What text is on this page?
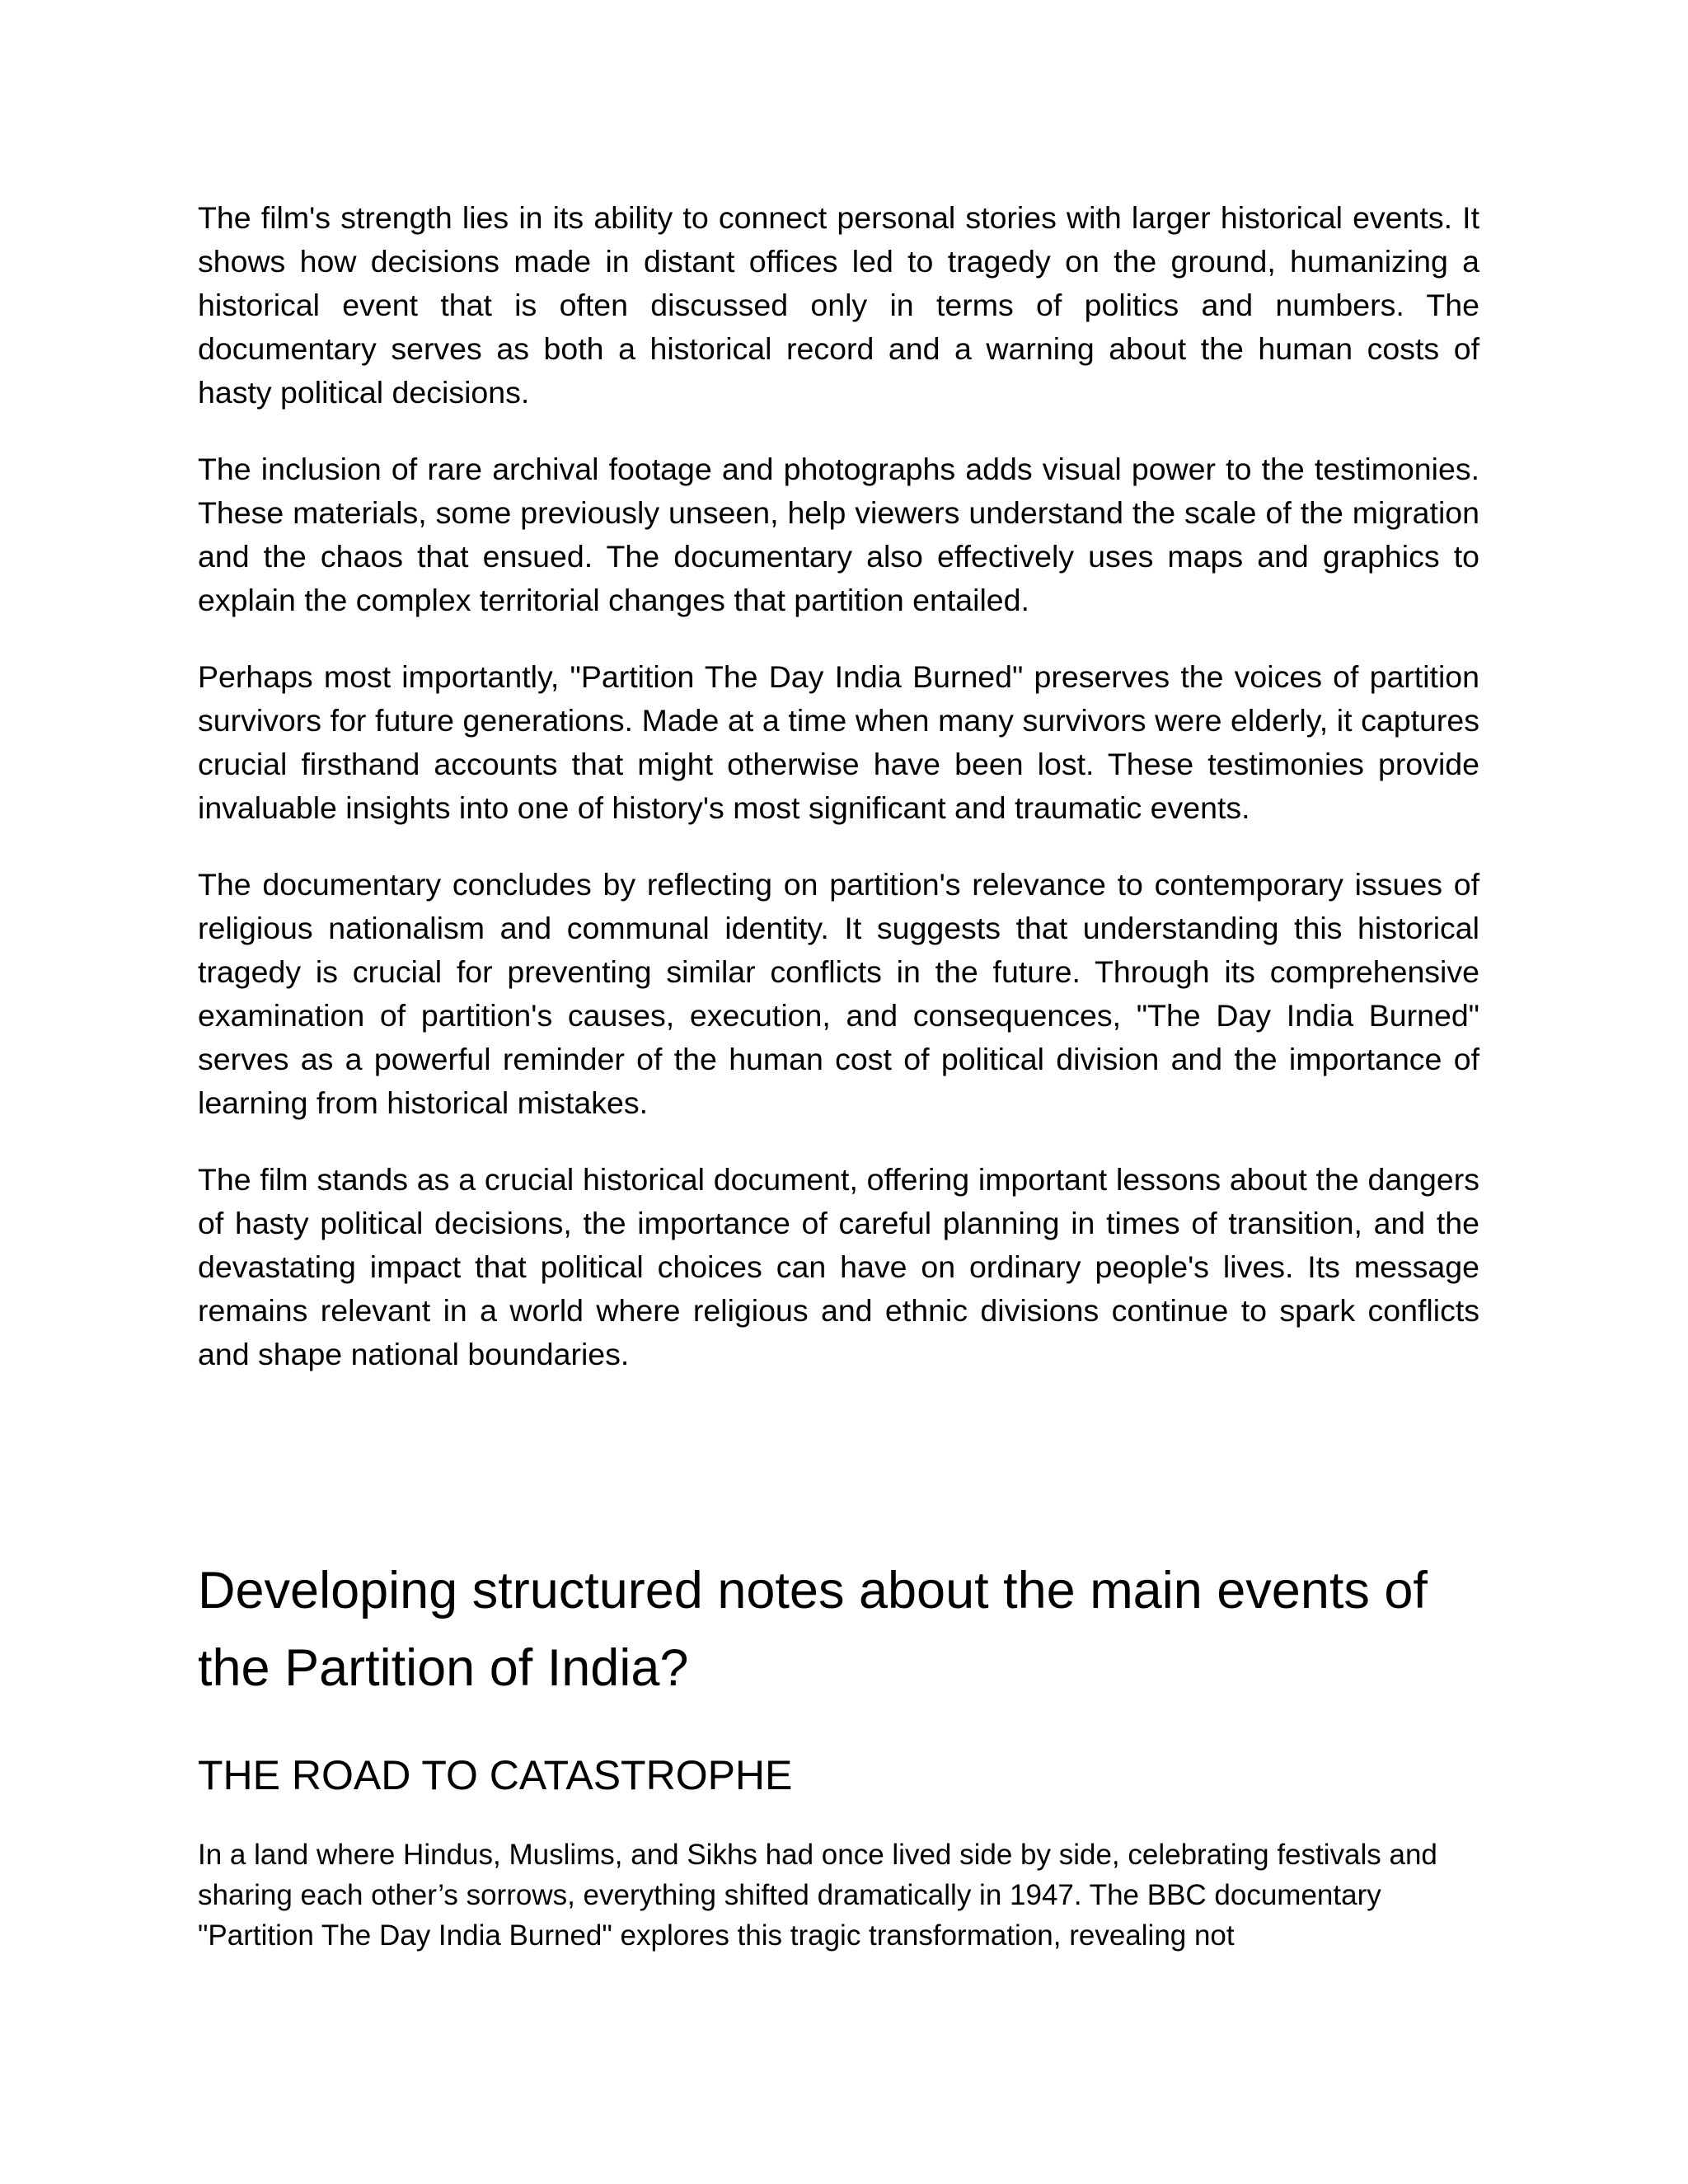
The film's strength lies in its ability to connect personal stories with larger historical events. It shows how decisions made in distant offices led to tragedy on the ground, humanizing a historical event that is often discussed only in terms of politics and numbers. The documentary serves as both a historical record and a warning about the human costs of hasty political decisions.

The inclusion of rare archival footage and photographs adds visual power to the testimonies. These materials, some previously unseen, help viewers understand the scale of the migration and the chaos that ensued. The documentary also effectively uses maps and graphics to explain the complex territorial changes that partition entailed.

Perhaps most importantly, "Partition The Day India Burned" preserves the voices of partition survivors for future generations. Made at a time when many survivors were elderly, it captures crucial firsthand accounts that might otherwise have been lost. These testimonies provide invaluable insights into one of history's most significant and traumatic events.

The documentary concludes by reflecting on partition's relevance to contemporary issues of religious nationalism and communal identity. It suggests that understanding this historical tragedy is crucial for preventing similar conflicts in the future. Through its comprehensive examination of partition's causes, execution, and consequences, "The Day India Burned" serves as a powerful reminder of the human cost of political division and the importance of learning from historical mistakes.

The film stands as a crucial historical document, offering important lessons about the dangers of hasty political decisions, the importance of careful planning in times of transition, and the devastating impact that political choices can have on ordinary people's lives. Its message remains relevant in a world where religious and ethnic divisions continue to spark conflicts and shape national boundaries.

Developing structured notes about the main events of the Partition of India?
THE ROAD TO CATASTROPHE

In a land where Hindus, Muslims, and Sikhs had once lived side by side, celebrating festivals and sharing each other’s sorrows, everything shifted dramatically in 1947. The BBC documentary "Partition The Day India Burned" explores this tragic transformation, revealing not
